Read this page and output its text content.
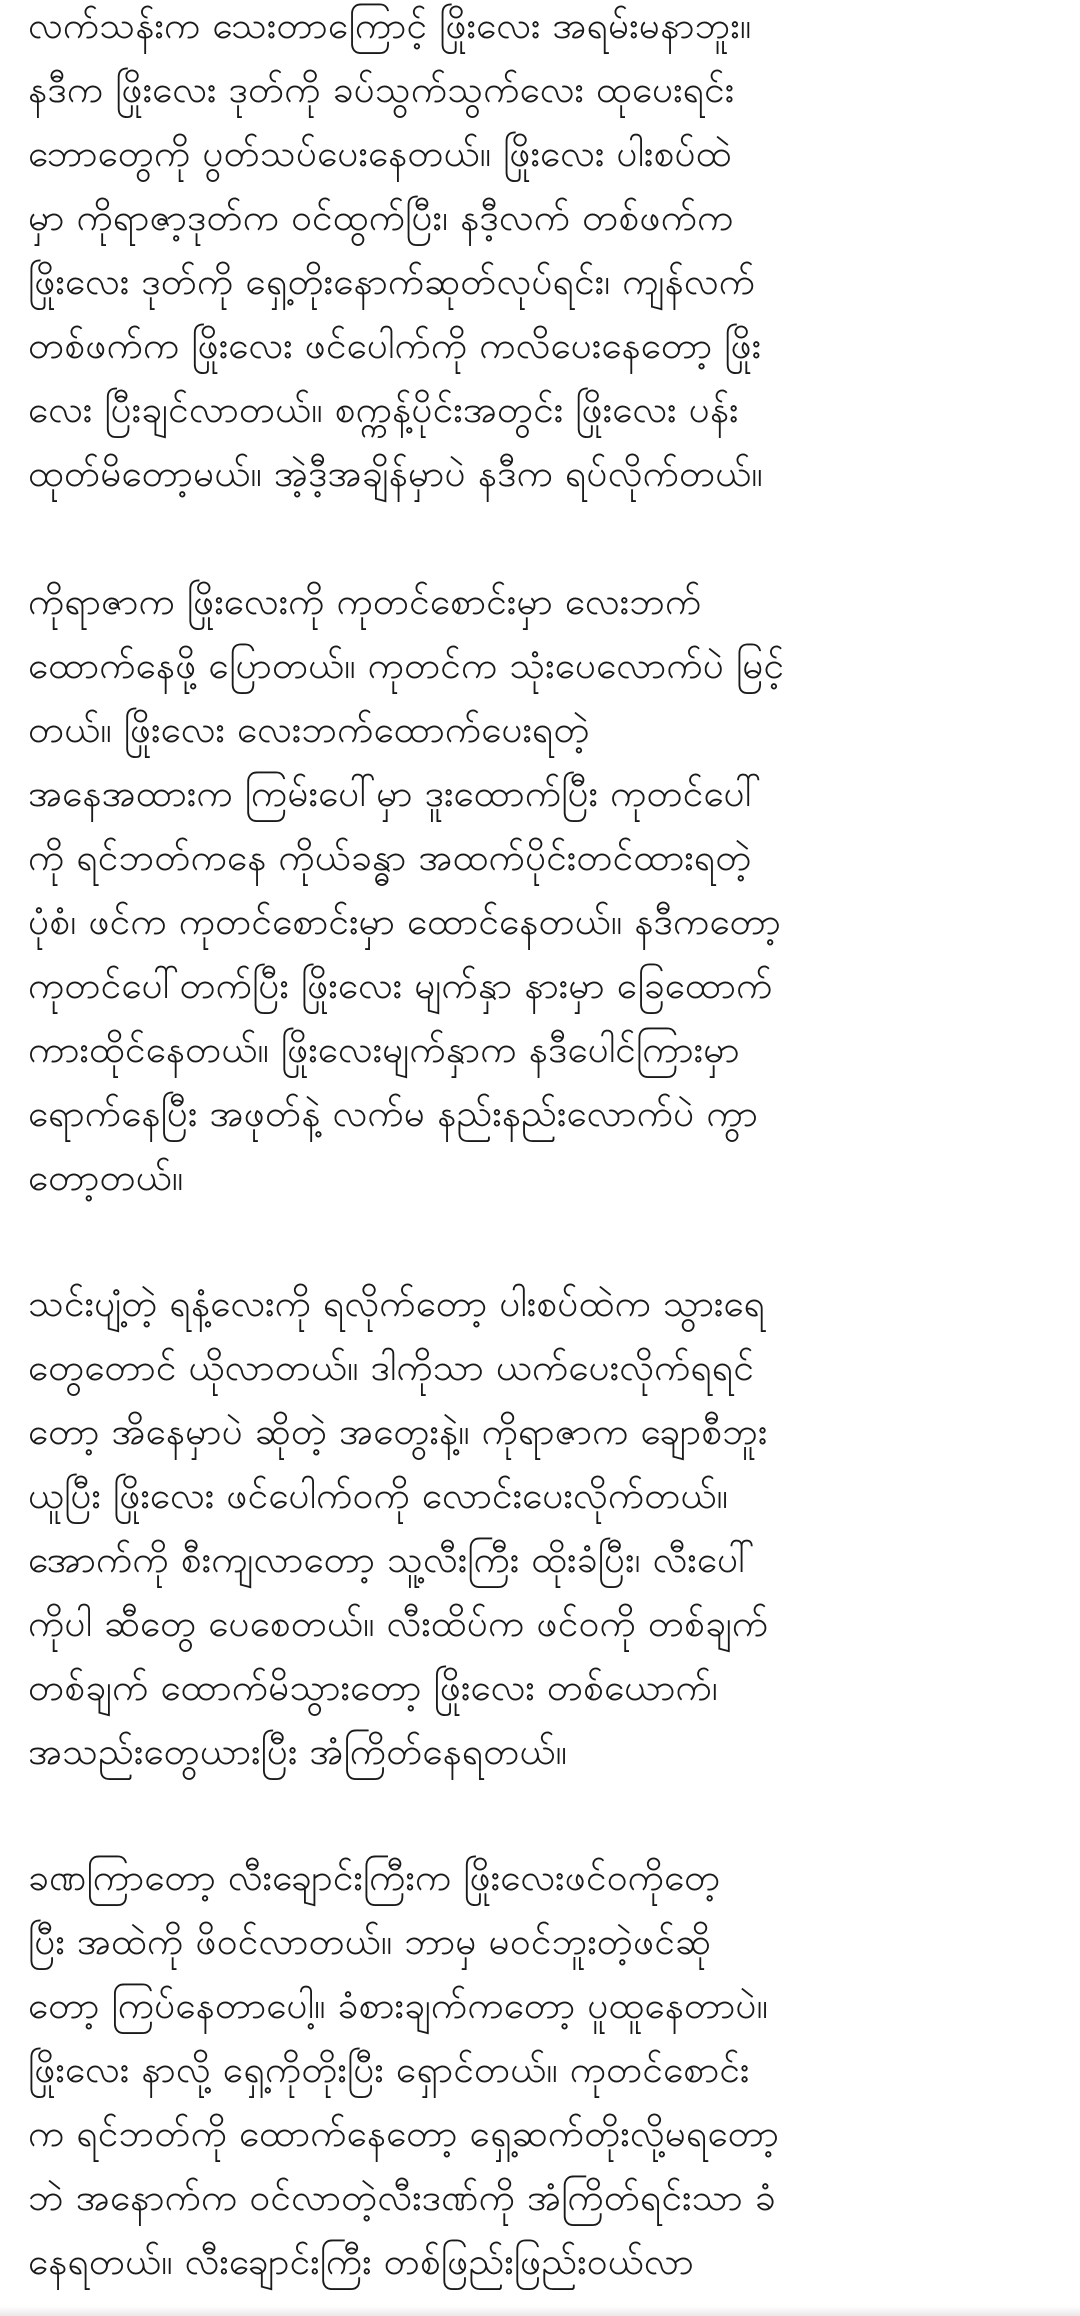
လက်သန်းက သေးတာကြောင့် ဖြိုးလေး အရမ်းမနာဘူး။
နဒီက ဖြိုးလေး ဒုတ်ကို ခပ်သွက်သွက်လေး ထုပေးရင်း
ဘောတွေကို ပွတ်သပ်ပေးနေတယ်။ ဖြိုးလေး ပါးစပ်ထဲ
မှာ ကိုရာဇာ့ဒုတ်က ဝင်ထွက်ပြီး၊ နဒီ့လက် တစ်ဖက်က
ဖြိုးလေး ဒုတ်ကို ရှေ့တိုးနောက်ဆုတ်လုပ်ရင်း၊ ကျန်လက်
တစ်ဖက်က ဖြိုးလေး ဖင်ပေါက်ကို ကလိပေးနေတော့ ဖြိုး
လေး ပြီးချင်လာတယ်။ စက္ကန့်ပိုင်းအတွင်း ဖြိုးလေး ပန်း
ထုတ်မိတော့မယ်။ အဲ့ဒီ့အချိန်မှာပဲ နဒီက ရပ်လိုက်တယ်။
ကိုရာဇာက ဖြိုးလေးကို ကုတင်စောင်းမှာ လေးဘက်
ထောက်နေဖို့ ပြောတယ်။ ကုတင်က သုံးပေလောက်ပဲ မြင့်
တယ်။ ဖြိုးလေး လေးဘက်ထောက်ပေးရတဲ့
အနေအထားက ကြမ်းပေါ်မှာ ဒူးထောက်ပြီး ကုတင်ပေါ်
ကို ရင်ဘတ်ကနေ ကိုယ်ခန္ဓာ အထက်ပိုင်းတင်ထားရတဲ့
ပုံစံ၊ ဖင်က ကုတင်စောင်းမှာ ထောင်နေတယ်။ နဒီကတော့
ကုတင်ပေါ်တက်ပြီး ဖြိုးလေး မျက်နှာ နားမှာ ခြေထောက်
ကားထိုင်နေတယ်။ ဖြိုးလေးမျက်နှာက နဒီပေါင်ကြားမှာ
ရောက်နေပြီး အဖုတ်နဲ့ လက်မ နည်းနည်းလောက်ပဲ ကွာ
တော့တယ်။
သင်းပျံ့တဲ့ ရနံ့လေးကို ရလိုက်တော့ ပါးစပ်ထဲက သွားရေ
တွေတောင် ယိုလာတယ်။ ဒါကိုသာ ယက်ပေးလိုက်ရရင်
တော့ အိနေမှာပဲ ဆိုတဲ့ အတွေးနဲ့။ ကိုရာဇာက ချောစီဘူး
ယူပြီး ဖြိုးလေး ဖင်ပေါက်ဝကို လောင်းပေးလိုက်တယ်။
အောက်ကို စီးကျလာတော့ သူ့လီးကြီး ထိုးခံပြီး၊ လီးပေါ်
ကိုပါ ဆီတွေ ပေစေတယ်။ လီးထိပ်က ဖင်ဝကို တစ်ချက်
တစ်ချက် ထောက်မိသွားတော့ ဖြိုးလေး တစ်ယောက်၊
အသည်းတွေယားပြီး အံကြိတ်နေရတယ်။
ခဏကြာတော့ လီးချောင်းကြီးက ဖြိုးလေးဖင်ဝကိုတေ့
ပြီး အထဲကို ဖိဝင်လာတယ်။ ဘာမှ မဝင်ဘူးတဲ့ဖင်ဆို
တော့ ကြပ်နေတာပေါ့။ ခံစားချက်ကတော့ ပူထူနေတာပဲ။
ဖြိုးလေး နာလို့ ရှေ့ကိုတိုးပြီး ရှောင်တယ်။ ကုတင်စောင်း
က ရင်ဘတ်ကို ထောက်နေတော့ ရှေ့ဆက်တိုးလို့မရတော့
ဘဲ အနောက်က ဝင်လာတဲ့လီးဒဏ်ကို အံကြိတ်ရင်းသာ ခံ
နေရတယ်။ လီးချောင်းကြီး တစ်ဖြည်းဖြည်းဝယ်လာ
